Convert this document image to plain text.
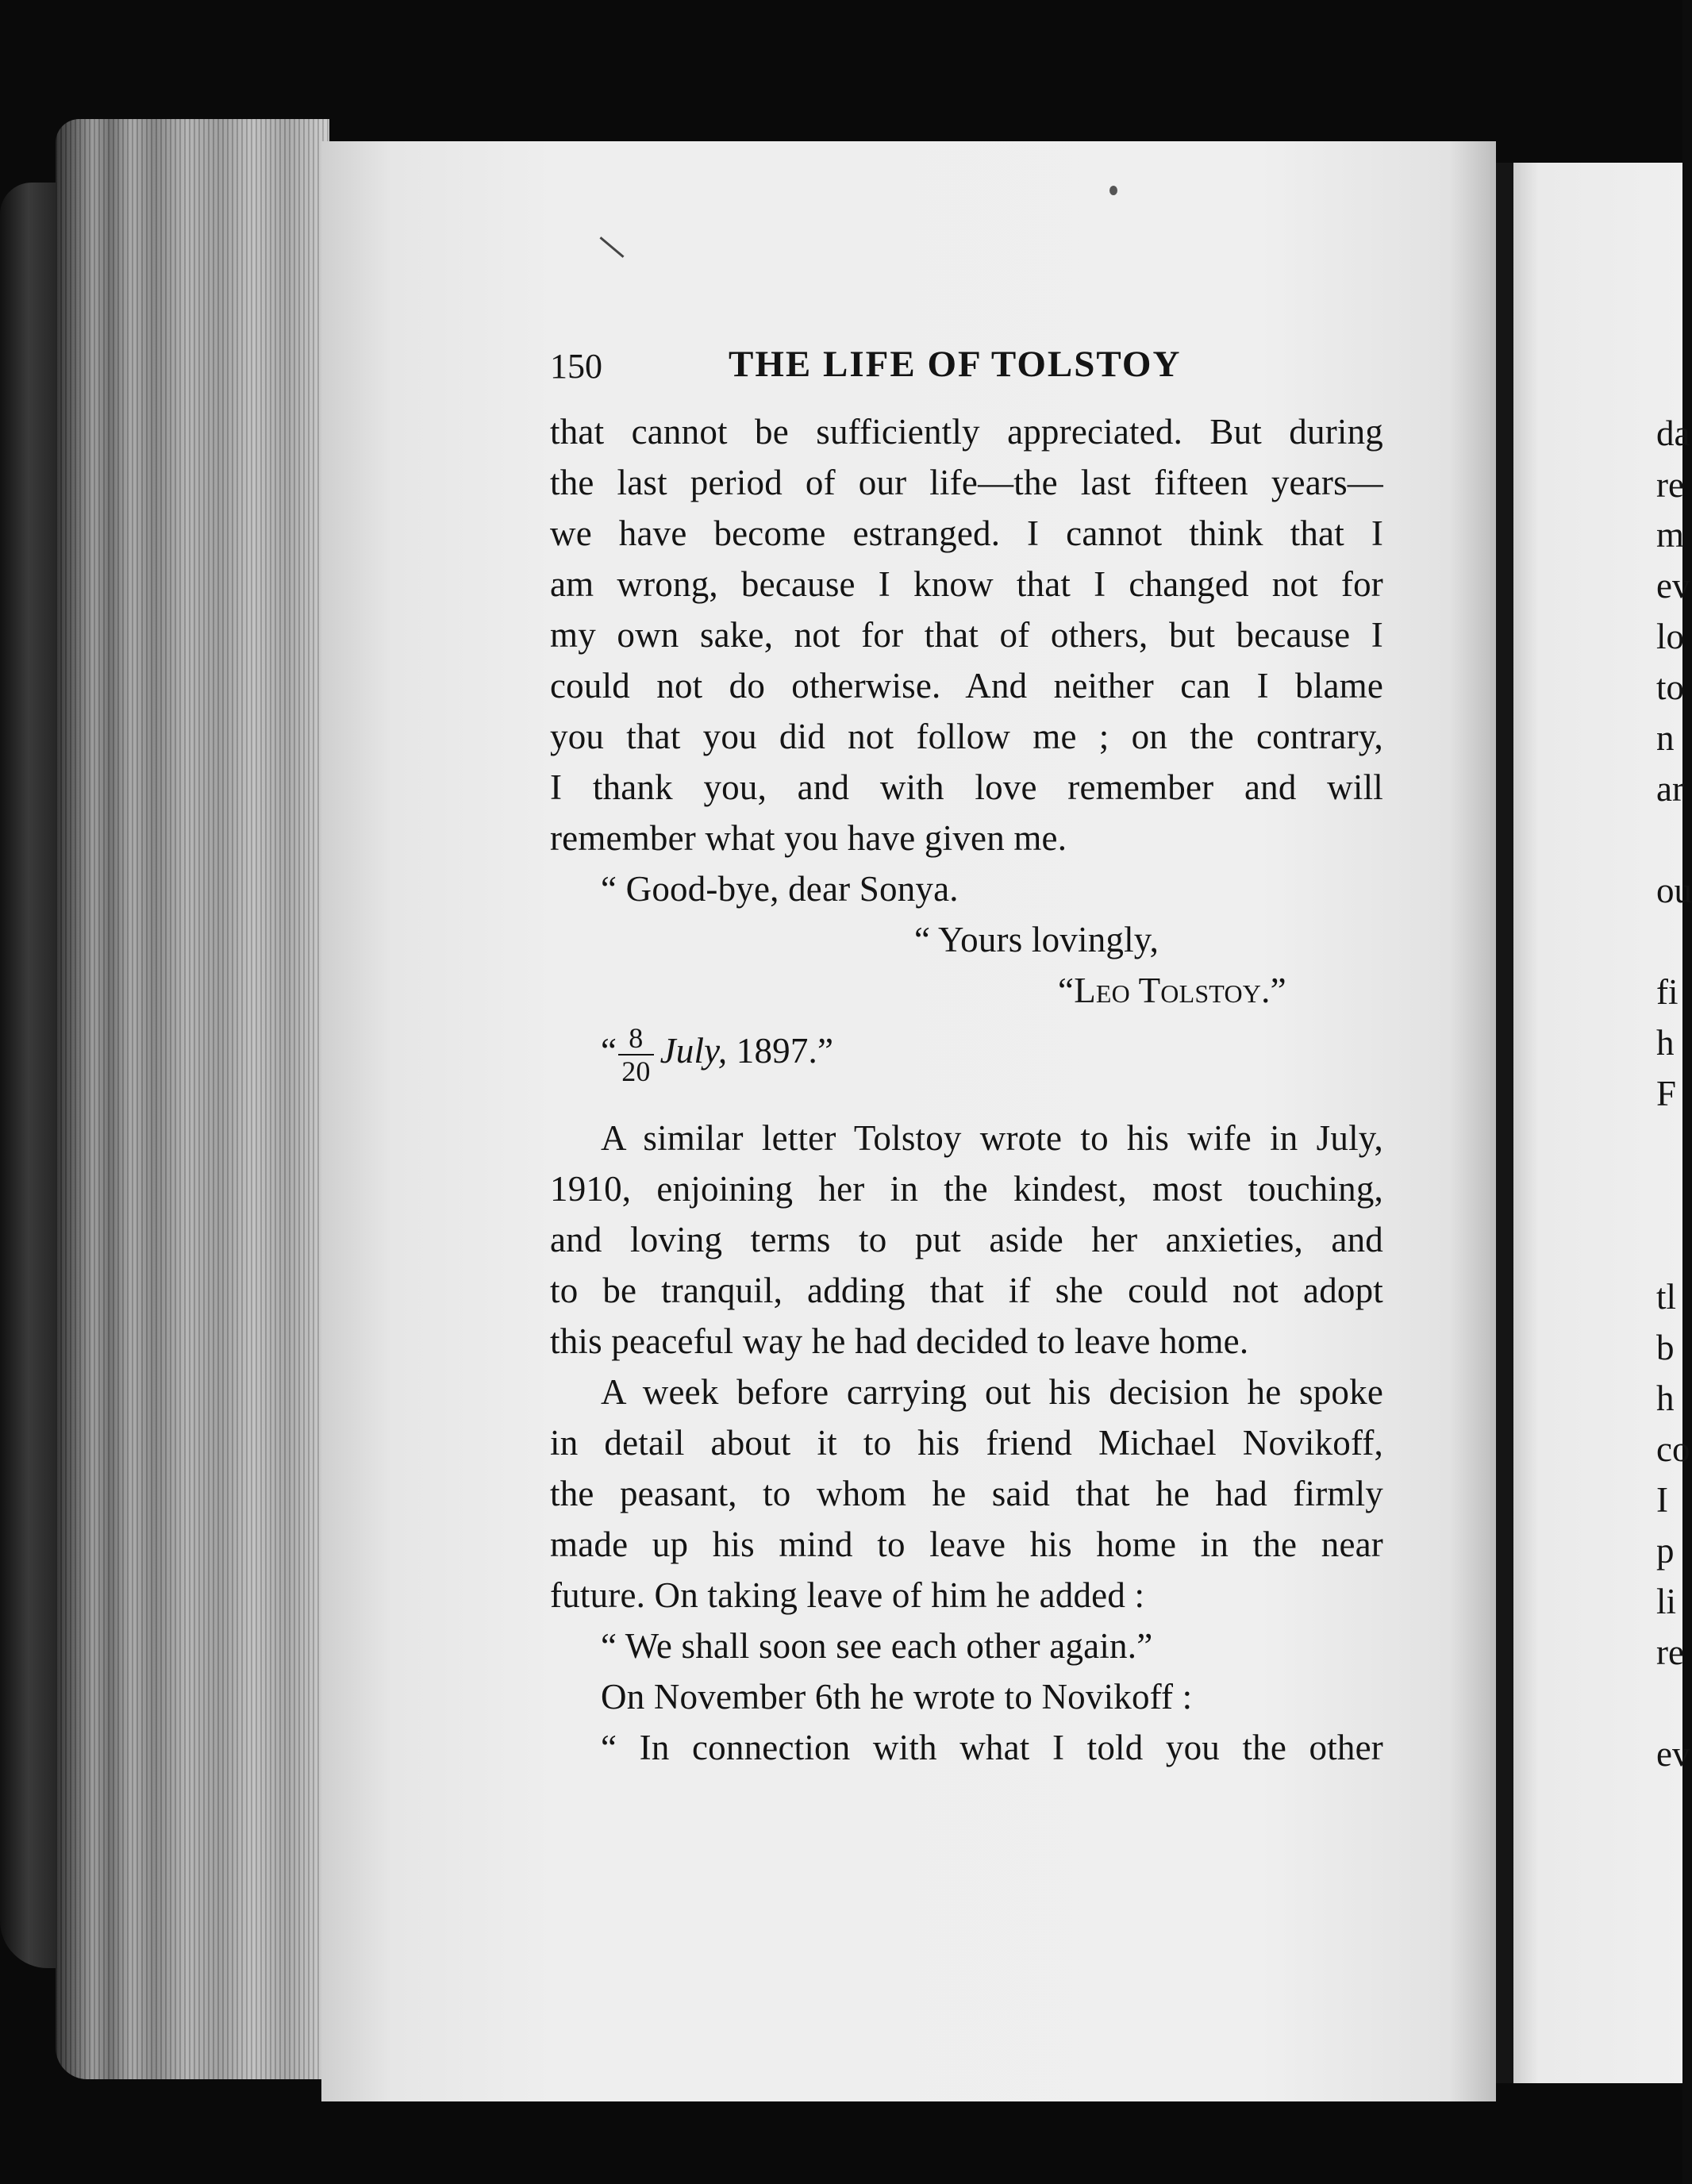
150	THE LIFE OF TOLSTOY
that cannot be sufficiently appreciated. But during
the last period of our life—the last fifteen years—
we have become estranged. I cannot think that I
am wrong, because I know that I changed not for
my own sake, not for that of others, but because I
could not do otherwise. And neither can I blame
you that you did not follow me ; on the contrary,
I thank you, and with love remember and will
remember what you have given me.
“ Good-bye, dear Sonya.
“ Yours lovingly,
“Leo Tolstoy.”
“ $\frac{8}{20}$ July, 1897.”
A similar letter Tolstoy wrote to his wife in July,
1910, enjoining her in the kindest, most touching,
and loving terms to put aside her anxieties, and
to be tranquil, adding that if she could not adopt
this peaceful way he had decided to leave home.
A week before carrying out his decision he spoke
in detail about it to his friend Michael Novikoff,
the peasant, to whom he said that he had firmly
made up his mind to leave his home in the near
future. On taking leave of him he added :
“ We shall soon see each other again.”
On November 6th he wrote to Novikoff :
“ In connection with what I told you the other
da
re
m
ev
lo
to
n
ar
ou
fi
h
F
tl
b
h
co
I
p
li
re
ev
